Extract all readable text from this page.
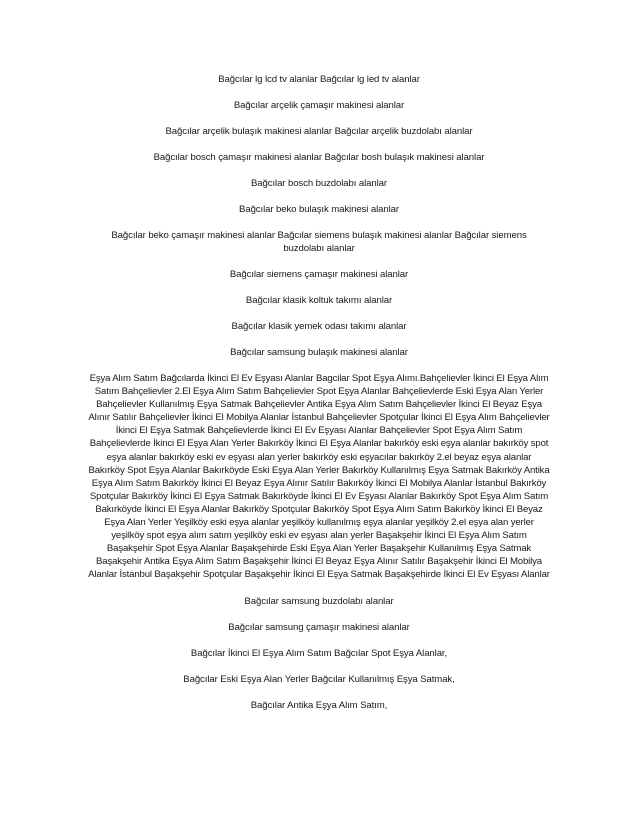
Bağcılar lg lcd tv alanlar Bağcılar lg led tv alanlar

Bağcılar arçelik çamaşır makinesi alanlar

Bağcılar arçelik bulaşık makinesi alanlar Bağcılar arçelik buzdolabı alanlar

Bağcılar bosch çamaşır makinesi alanlar Bağcılar bosh bulaşık makinesi alanlar

Bağcılar bosch buzdolabı alanlar

Bağcılar beko bulaşık makinesi alanlar

Bağcılar beko çamaşır makinesi alanlar Bağcılar siemens bulaşık makinesi alanlar Bağcılar siemens buzdolabı alanlar

Bağcılar siemens çamaşır makinesi alanlar

Bağcılar klasik koltuk takımı alanlar

Bağcılar klasik yemek odası takımı alanlar

Bağcılar samsung bulaşık makinesi alanlar

Eşya Alım Satım Bağcılarda İkinci El Ev Eşyası Alanlar Bagcilar Spot Eşya Alımı.Bahçelievler İkinci El Eşya Alım Satım Bahçelievler 2.El Eşya Alım Satım Bahçelievler Spot Eşya Alanlar Bahçelievlerde Eski Eşya Alan Yerler Bahçelievler Kullanılmış Eşya Satmak Bahçelievler Antika Eşya Alım Satım Bahçelievler İkinci El Beyaz Eşya Alınır Satılır Bahçelievler İkinci El Mobilya Alanlar İstanbul Bahçelievler Spotçular İkinci El Eşya Alım Bahçelievler İkinci El Eşya Satmak Bahçelievlerde İkinci El Ev Eşyası Alanlar Bahçelievler Spot Eşya Alım Satım Bahçelievlerde İkinci El Eşya Alan Yerler Bakırköy İkinci El Eşya Alanlar bakırköy eski eşya alanlar bakırköy spot eşya alanlar bakırköy eski ev eşyası alan yerler bakırköy eski eşyacılar bakırköy 2.el beyaz eşya alanlar Bakırköy Spot Eşya Alanlar Bakırköyde Eski Eşya Alan Yerler Bakırköy Kullanılmış Eşya Satmak Bakırköy Antika Eşya Alım Satım Bakırköy İkinci El Beyaz Eşya Alınır Satılır Bakırköy İkinci El Mobilya Alanlar İstanbul Bakırköy Spotçular Bakırköy İkinci El Eşya Satmak Bakırköyde İkinci El Ev Eşyası Alanlar Bakırköy Spot Eşya Alım Satım Bakırköyde İkinci El Eşya Alanlar Bakırköy Spotçular Bakırköy Spot Eşya Alım Satım Bakırköy İkinci El Beyaz Eşya Alan Yerler Yeşilköy eski eşya alanlar yeşilköy kullanılmış eşya alanlar yeşilköy 2.el eşya alan yerler yeşilköy spot eşya alım satım yeşilköy eski ev eşyası alan yerler Başakşehir İkinci El Eşya Alım Satım Başakşehir Spot Eşya Alanlar Başakşehirde Eski Eşya Alan Yerler Başakşehir Kullanılmış Eşya Satmak Başakşehir Antika Eşya Alım Satım Başakşehir İkinci El Beyaz Eşya Alınır Satılır Başakşehir İkinci El Mobilya Alanlar İstanbul Başakşehir Spotçular Başakşehir İkinci El Eşya Satmak Başakşehirde İkinci El Ev Eşyası Alanlar

Bağcılar samsung buzdolabı alanlar

Bağcılar samsung çamaşır makinesi alanlar

Bağcılar İkinci El Eşya Alım Satım Bağcılar Spot Eşya Alanlar,

Bağcılar Eski Eşya Alan Yerler Bağcılar Kullanılmış Eşya Satmak,

Bağcılar Antika Eşya Alım Satım,
